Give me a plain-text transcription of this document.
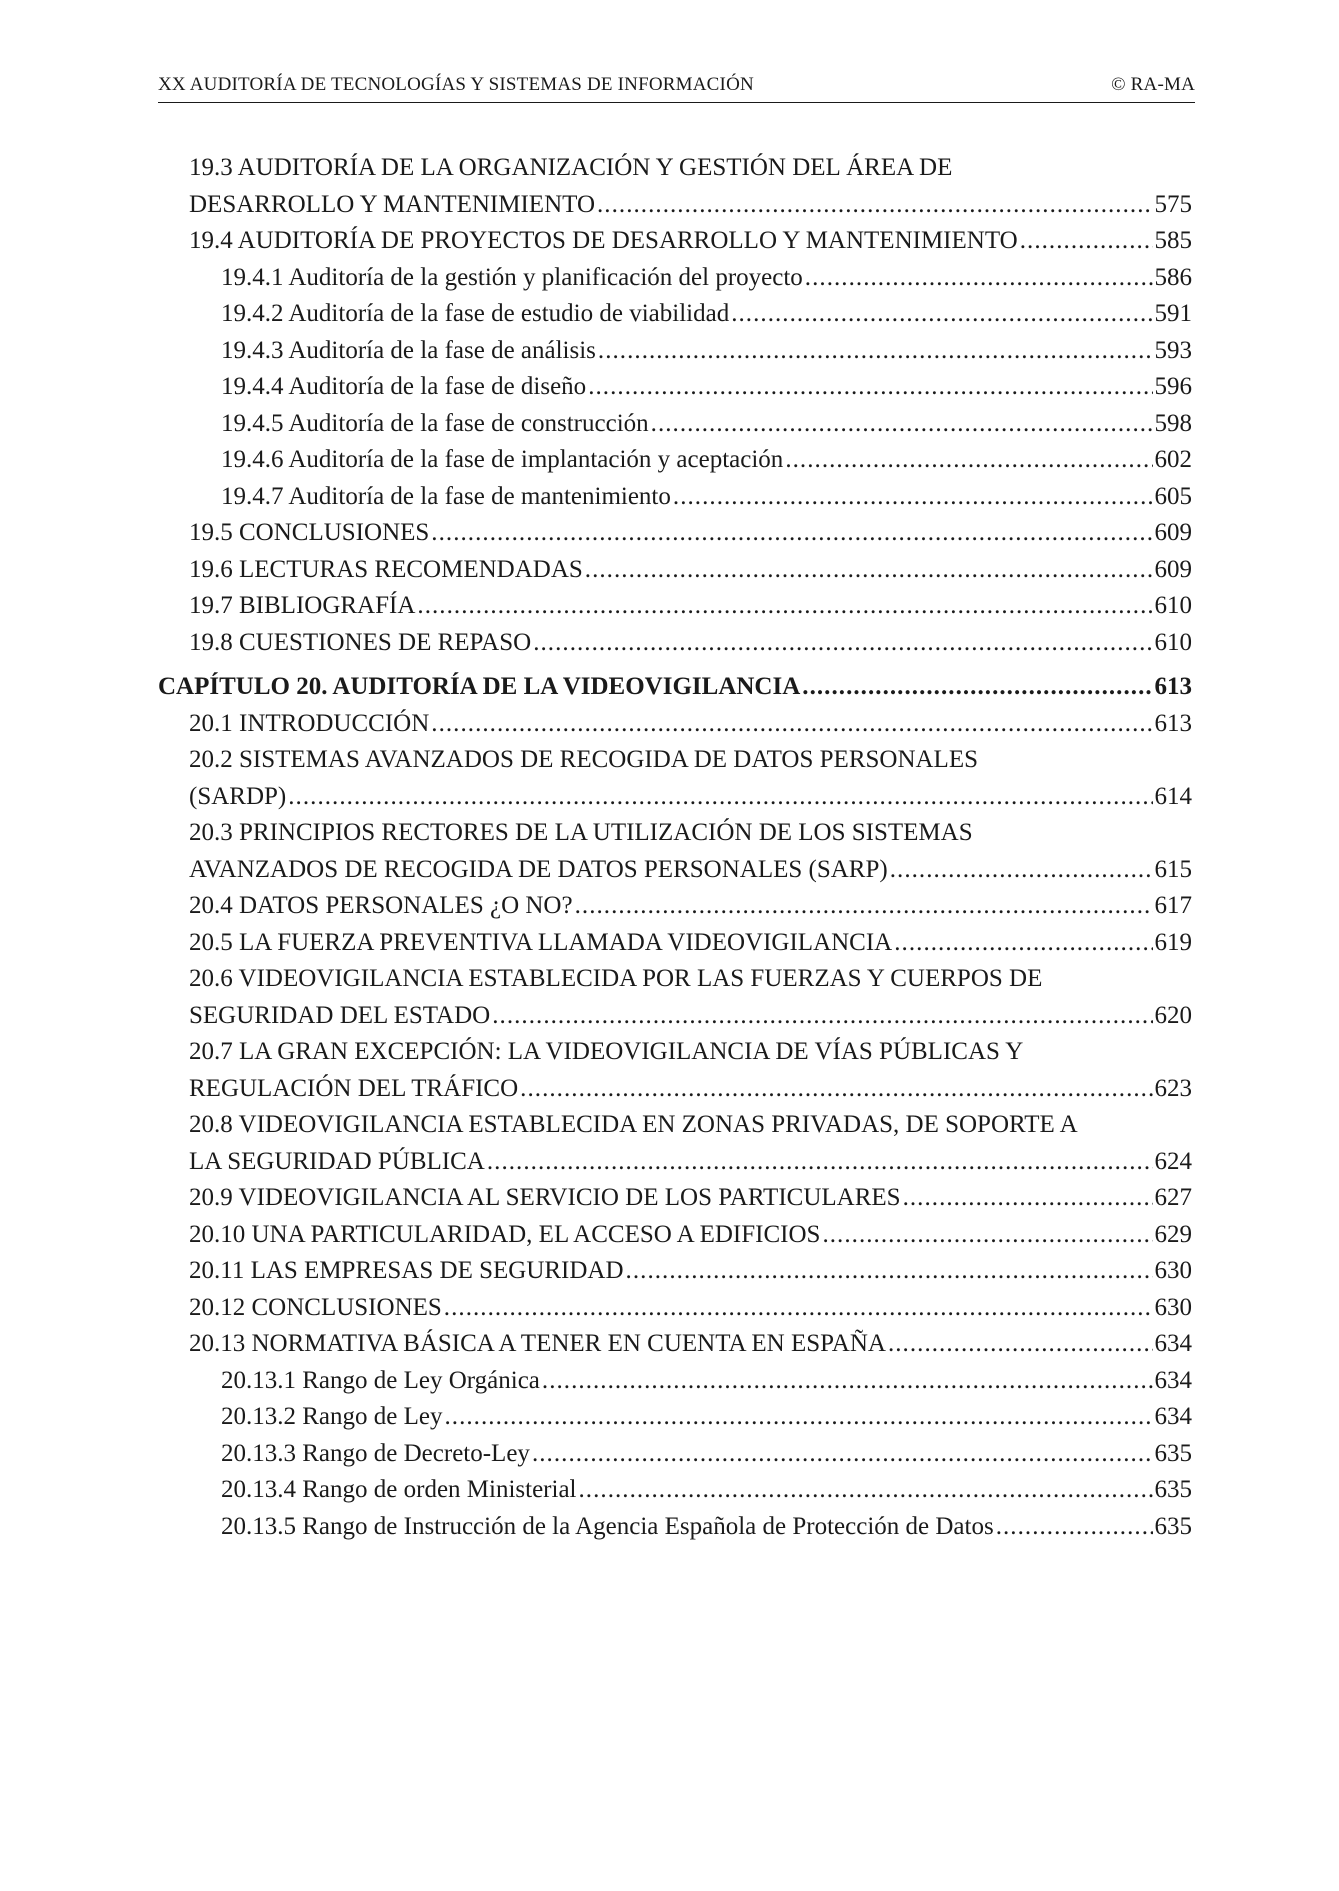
XX AUDITORÍA DE TECNOLOGÍAS Y SISTEMAS DE INFORMACIÓN	© RA-MA
19.3 AUDITORÍA DE LA ORGANIZACIÓN Y GESTIÓN DEL ÁREA DE
DESARROLLO Y MANTENIMIENTO . . .	575
19.4 AUDITORÍA DE PROYECTOS DE DESARROLLO Y MANTENIMIENTO . . .	585
19.4.1 Auditoría de la gestión y planificación del proyecto . . .	586
19.4.2 Auditoría de la fase de estudio de viabilidad . . .	591
19.4.3 Auditoría de la fase de análisis . . .	593
19.4.4 Auditoría de la fase de diseño . . .	596
19.4.5 Auditoría de la fase de construcción . . .	598
19.4.6 Auditoría de la fase de implantación y aceptación . . .	602
19.4.7 Auditoría de la fase de mantenimiento . . .	605
19.5 CONCLUSIONES . . .	609
19.6 LECTURAS RECOMENDADAS . . .	609
19.7 BIBLIOGRAFÍA . . .	610
19.8 CUESTIONES DE REPASO . . .	610
CAPÍTULO 20. AUDITORÍA DE LA VIDEOVIGILANCIA . . .	613
20.1 INTRODUCCIÓN . . .	613
20.2 SISTEMAS AVANZADOS DE RECOGIDA DE DATOS PERSONALES
(SARDP) . . .	614
20.3 PRINCIPIOS RECTORES DE LA UTILIZACIÓN DE LOS SISTEMAS
AVANZADOS DE RECOGIDA DE DATOS PERSONALES (SARP) . . .	615
20.4 DATOS PERSONALES ¿O NO? . . .	617
20.5 LA FUERZA PREVENTIVA LLAMADA VIDEOVIGILANCIA . . .	619
20.6 VIDEOVIGILANCIA ESTABLECIDA POR LAS FUERZAS Y CUERPOS DE
SEGURIDAD DEL ESTADO . . .	620
20.7 LA GRAN EXCEPCIÓN: LA VIDEOVIGILANCIA DE VÍAS PÚBLICAS Y
REGULACIÓN DEL TRÁFICO . . .	623
20.8 VIDEOVIGILANCIA ESTABLECIDA EN ZONAS PRIVADAS, DE SOPORTE A
LA SEGURIDAD PÚBLICA . . .	624
20.9 VIDEOVIGILANCIA AL SERVICIO DE LOS PARTICULARES . . .	627
20.10 UNA PARTICULARIDAD, EL ACCESO A EDIFICIOS . . .	629
20.11 LAS EMPRESAS DE SEGURIDAD . . .	630
20.12 CONCLUSIONES . . .	630
20.13 NORMATIVA BÁSICA A TENER EN CUENTA EN ESPAÑA . . .	634
20.13.1 Rango de Ley Orgánica . . .	634
20.13.2 Rango de Ley . . .	634
20.13.3 Rango de Decreto-Ley . . .	635
20.13.4 Rango de orden Ministerial . . .	635
20.13.5 Rango de Instrucción de la Agencia Española de Protección de Datos . . .	635
